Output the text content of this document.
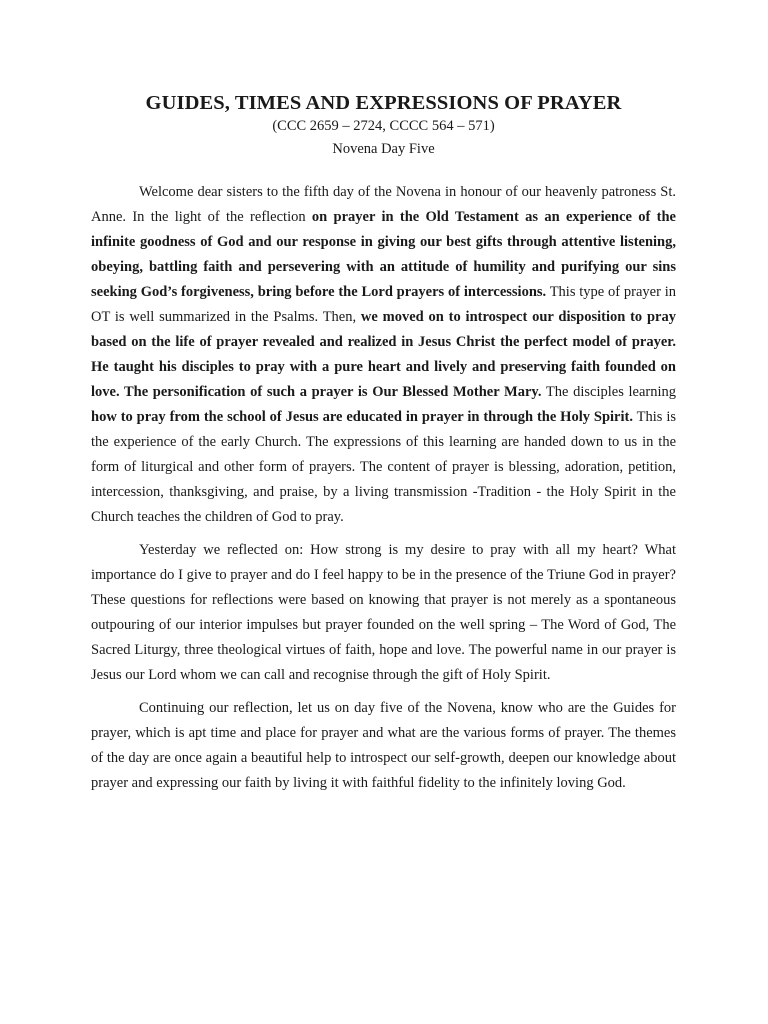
GUIDES, TIMES AND EXPRESSIONS OF PRAYER
(CCC 2659 – 2724, CCCC 564 – 571)
Novena Day Five

Welcome dear sisters to the fifth day of the Novena in honour of our heavenly patroness St. Anne. In the light of the reflection on prayer in the Old Testament as an experience of the infinite goodness of God and our response in giving our best gifts through attentive listening, obeying, battling faith and persevering with an attitude of humility and purifying our sins seeking God’s forgiveness, bring before the Lord prayers of intercessions. This type of prayer in OT is well summarized in the Psalms. Then, we moved on to introspect our disposition to pray based on the life of prayer revealed and realized in Jesus Christ the perfect model of prayer. He taught his disciples to pray with a pure heart and lively and preserving faith founded on love. The personification of such a prayer is Our Blessed Mother Mary. The disciples learning how to pray from the school of Jesus are educated in prayer in through the Holy Spirit. This is the experience of the early Church. The expressions of this learning are handed down to us in the form of liturgical and other form of prayers. The content of prayer is blessing, adoration, petition, intercession, thanksgiving, and praise, by a living transmission -Tradition - the Holy Spirit in the Church teaches the children of God to pray.

Yesterday we reflected on: How strong is my desire to pray with all my heart? What importance do I give to prayer and do I feel happy to be in the presence of the Triune God in prayer? These questions for reflections were based on knowing that prayer is not merely as a spontaneous outpouring of our interior impulses but prayer founded on the well spring – The Word of God, The Sacred Liturgy, three theological virtues of faith, hope and love. The powerful name in our prayer is Jesus our Lord whom we can call and recognise through the gift of Holy Spirit.

Continuing our reflection, let us on day five of the Novena, know who are the Guides for prayer, which is apt time and place for prayer and what are the various forms of prayer. The themes of the day are once again a beautiful help to introspect our self-growth, deepen our knowledge about prayer and expressing our faith by living it with faithful fidelity to the infinitely loving God.
